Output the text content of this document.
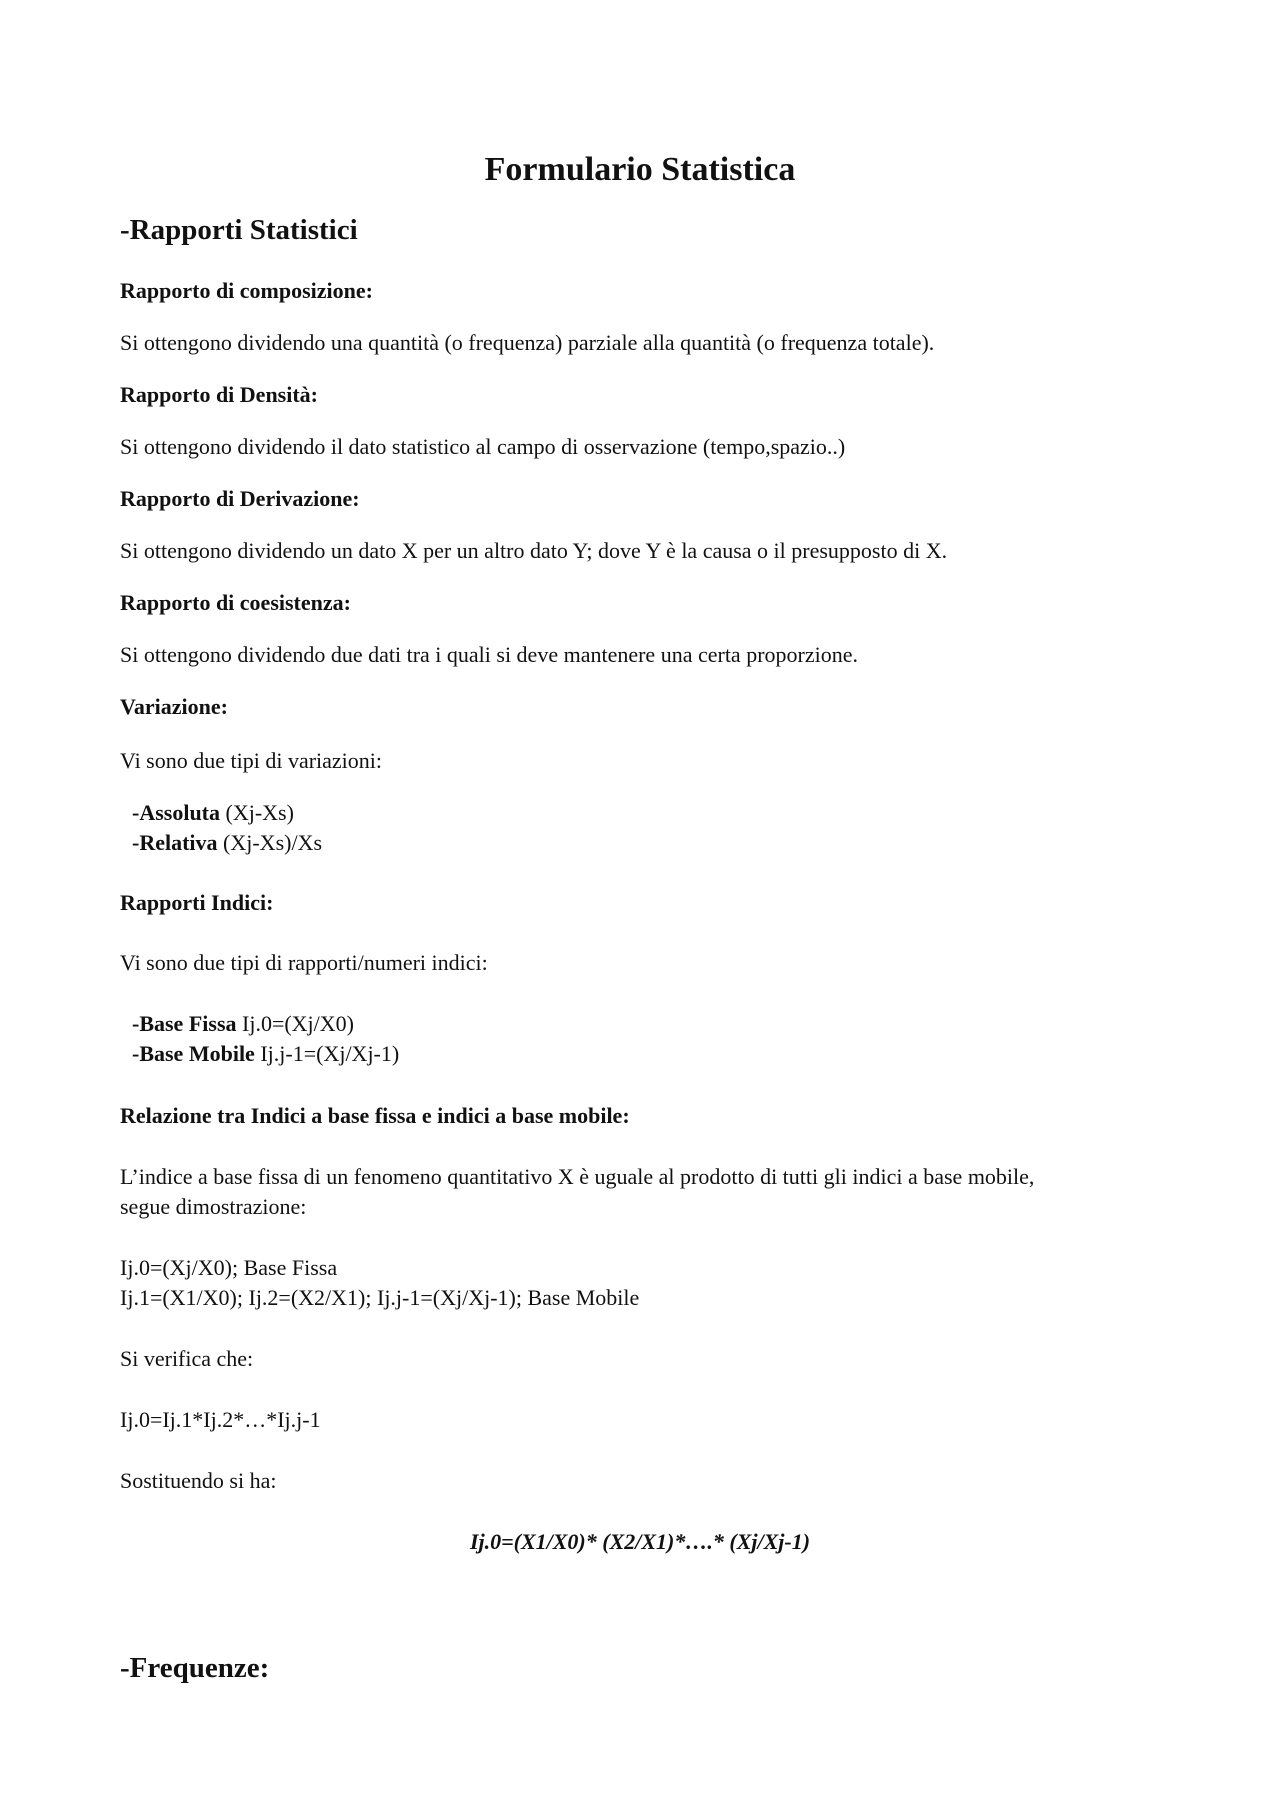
Formulario Statistica
-Rapporti Statistici
Rapporto di composizione:
Si ottengono dividendo una quantità (o frequenza) parziale alla quantità (o frequenza totale).
Rapporto di Densità:
Si ottengono dividendo il dato statistico al campo di osservazione (tempo,spazio..)
Rapporto di Derivazione:
Si ottengono dividendo un dato X per un altro dato Y; dove Y è la causa o il presupposto di X.
Rapporto di coesistenza:
Si ottengono dividendo due dati tra i quali si deve mantenere una certa proporzione.
Variazione:
Vi sono due tipi di variazioni:
-Assoluta (Xj-Xs)
-Relativa (Xj-Xs)/Xs
Rapporti Indici:
Vi sono due tipi di rapporti/numeri indici:
-Base Fissa Ij.0=(Xj/X0)
-Base Mobile Ij.j-1=(Xj/Xj-1)
Relazione tra Indici a base fissa e indici a base mobile:
L’indice a base fissa di un fenomeno quantitativo X è uguale al prodotto di tutti gli indici a base mobile,
segue dimostrazione:
Ij.0=(Xj/X0); Base Fissa
Ij.1=(X1/X0); Ij.2=(X2/X1); Ij.j-1=(Xj/Xj-1); Base Mobile
Si verifica che:
Ij.0=Ij.1*Ij.2*…*Ij.j-1
Sostituendo si ha:
Ij.0=(X1/X0)* (X2/X1)*….* (Xj/Xj-1)
-Frequenze:
